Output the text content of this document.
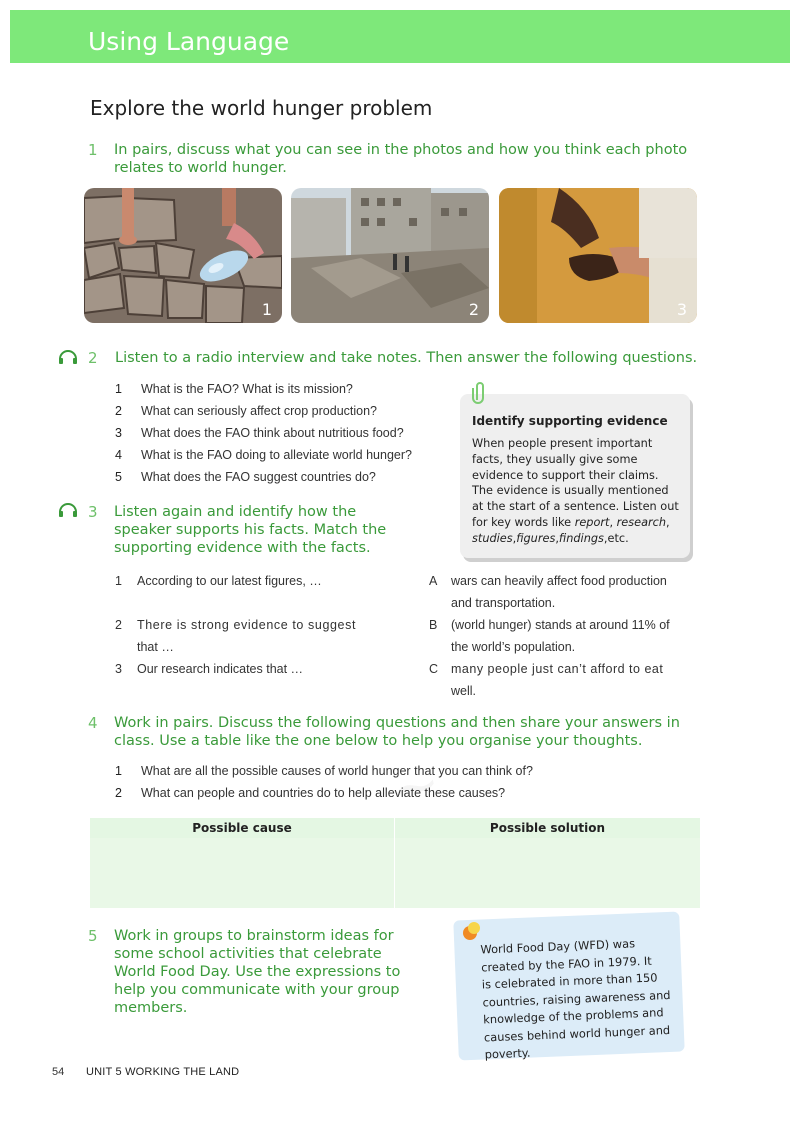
Using Language
Explore the world hunger problem
1 In pairs, discuss what you can see in the photos and how you think each photo
relates to world hunger.
1	2	3
2 Listen to a radio interview and take notes. Then answer the following questions.
1 What is the FAO? What is its mission?
2 What can seriously affect crop production?
3 What does the FAO think about nutritious food?
4 What is the FAO doing to alleviate world hunger?
5 What does the FAO suggest countries do?
Identify supporting evidence
When people present important
facts, they usually give some
evidence to support their claims.
The evidence is usually mentioned
at the start of a sentence. Listen out
for key words like report, research,
studies,figures,findings,etc.
3 Listen again and identify how the
speaker supports his facts. Match the
supporting evidence with the facts.
1 According to our latest figures, …
2 There is strong evidence to suggest
that …
3 Our research indicates that …
A wars can heavily affect food production
and transportation.
B (world hunger) stands at around 11% of
the world’s population.
C many people just can’t afford to eat
well.
4 Work in pairs. Discuss the following questions and then share your answers in
class. Use a table like the one below to help you organise your thoughts.
1 What are all the possible causes of world hunger that you can think of?
2 What can people and countries do to help alleviate these causes?
Possible cause	Possible solution
5 Work in groups to brainstorm ideas for
some school activities that celebrate
World Food Day. Use the expressions to
help you communicate with your group
members.
World Food Day (WFD) was
created by the FAO in 1979. It
is celebrated in more than 150
countries, raising awareness and
knowledge of the problems and
causes behind world hunger and
poverty.
54 UNIT 5 WORKING THE LAND
